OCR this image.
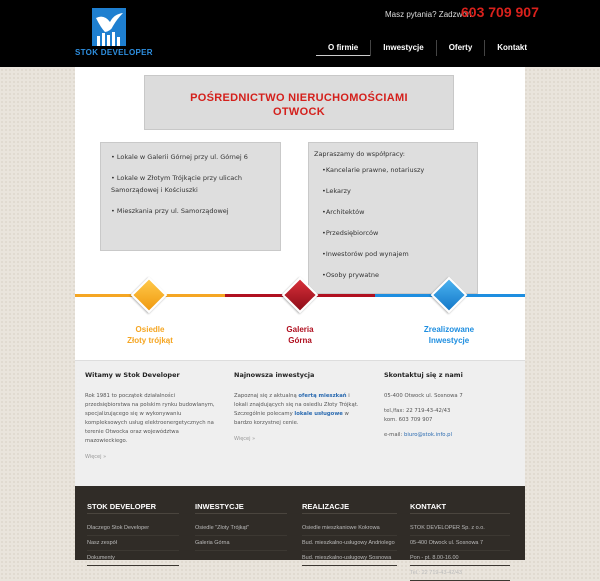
STOK DEVELOPER
Masz pytania? Zadzwoń:
603 709 907
O firmie	Inwestycje	Oferty	Kontakt
POŚREDNICTWO NIERUCHOMOŚCIAMI
OTWOCK
• Lokale w Galerii Górnej przy ul. Górnej 6
• Lokale w Złotym Trójkącie przy ulicach Samorządowej i Kościuszki
• Mieszkania przy ul. Samorządowej
Zapraszamy do współpracy:
•Kancelarie prawne, notariuszy
•Lekarzy
•Architektów
•Przedsiębiorców
•Inwestorów pod wynajem
•Osoby prywatne
Osiedle
Złoty trójkąt
Galeria
Górna
Zrealizowane
Inwestycje
Witamy w Stok Developer

Rok 1981 to początek działalności przedsiębiorstwa na polskim rynku budowlanym, specjalizującego się w wykonywaniu kompleksowych usług elektroenergetycznych na terenie Otwocka oraz województwa mazowieckiego.

Więcej »
Najnowsza inwestycja

Zapoznaj się z aktualną ofertą mieszkań i lokali znajdujących się na osiedlu Złoty Trójkąt. Szczególnie polecamy lokale usługowe w bardzo korzystnej cenie.

Więcej »
Skontaktuj się z nami

05-400 Otwock ul. Sosnowa 7

tel./fax: 22 719-43-42/43

kom. 603 709 907

e-mail: biuro@stok.info.pl

STOK DEVELOPER
Dlaczego Stok Developer
Nasz zespół
Dokumenty
INWESTYCJE
Osiedle "Złoty Trójkąt"
Galeria Górna
REALIZACJE
Osiedle mieszkaniowe Kokrowa
Bud. mieszkalno-usługowy Andriolego
Bud. mieszkalno-usługowy Sosnowa
KONTAKT
STOK DEVELOPER Sp. z o.o.
05-400 Otwock ul. Sosnowa 7
Pon - pt. 8.00-16.00
Tel.: 22 719-43-42/43
